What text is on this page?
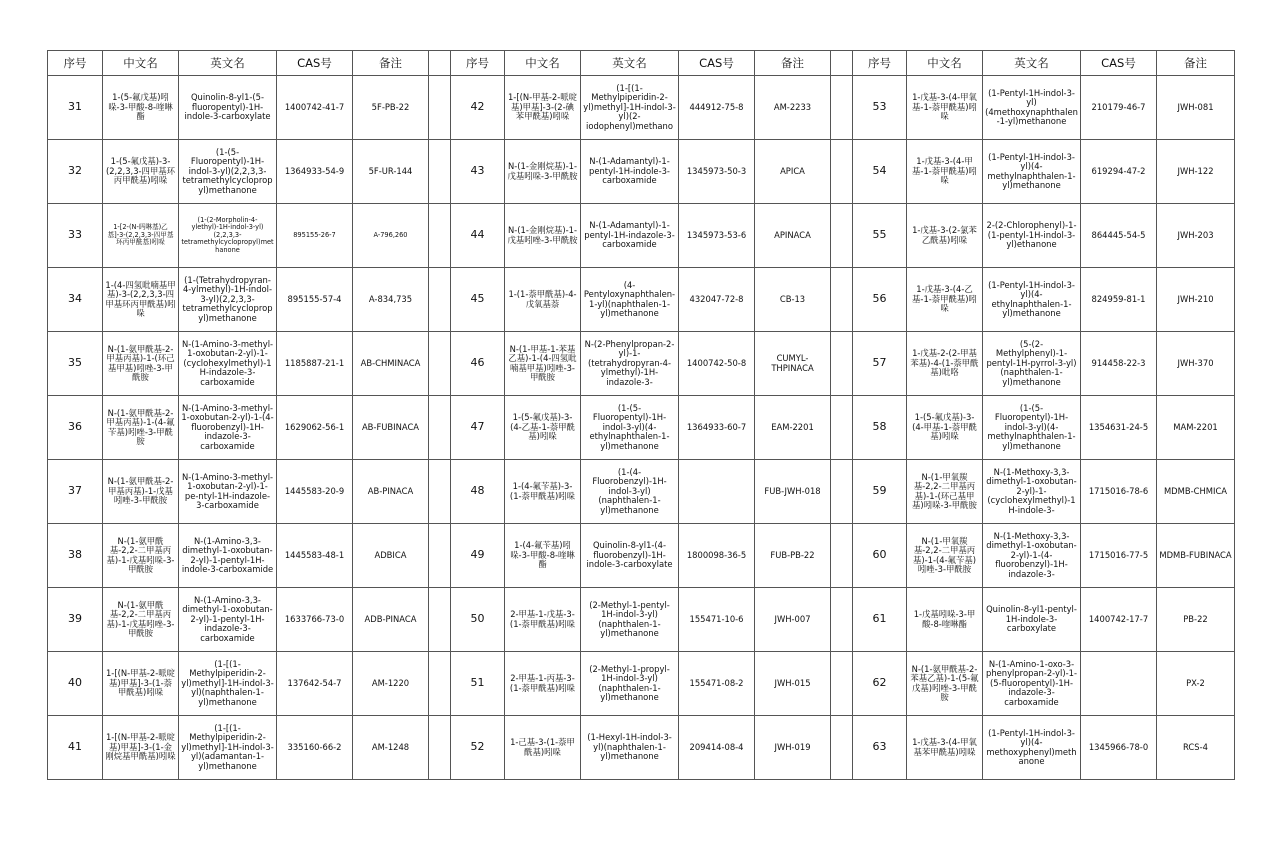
序号	中文名	英文名	CAS号	备注		序号	中文名	英文名	CAS号	备注		序号	中文名	英文名	CAS号	备注
31	1-(5-氟戊基)吲哚-3-甲酸-8-喹啉酯	Quinolin-8-yl1-(5-fluoropentyl)-1H-indole-3-carboxylate	1400742-41-7	5F-PB-22		42	1-[(N-甲基-2-哌啶基)甲基]-3-(2-碘苯甲酰基)吲哚	(1-[(1-Methylpiperidin-2-yl)methyl]-1H-indol-3-yl)(2-iodophenyl)methano	444912-75-8	AM-2233		53	1-戊基-3-(4-甲氧基-1-萘甲酰基)吲哚	(1-Pentyl-1H-indol-3-yl)(4methoxynaphthalen-1-yl)methanone	210179-46-7	JWH-081
32	1-(5-氟戊基)-3-(2,2,3,3-四甲基环丙甲酰基)吲哚	(1-(5-Fluoropentyl)-1H-indol-3-yl)(2,2,3,3-tetramethylcyclopropyl)methanone	1364933-54-9	5F-UR-144		43	N-(1-金刚烷基)-1-戊基吲哚-3-甲酰胺	N-(1-Adamantyl)-1-pentyl-1H-indole-3-carboxamide	1345973-50-3	APICA		54	1-戊基-3-(4-甲基-1-萘甲酰基)吲哚	(1-Pentyl-1H-indol-3-yl)(4-methylnaphthalen-1-yl)methanone	619294-47-2	JWH-122
33	1-[2-(N-吗啉基)乙基]-3-(2,2,3,3-四甲基环丙甲酰基)吲哚	(1-(2-Morpholin-4-ylethyl)-1H-indol-3-yl)(2,2,3,3-tetramethylcyclopropyl)methanone	895155-26-7	A-796,260		44	N-(1-金刚烷基)-1-戊基吲唑-3-甲酰胺	N-(1-Adamantyl)-1-pentyl-1H-indazole-3-carboxamide	1345973-53-6	APINACA		55	1-戊基-3-(2-氯苯乙酰基)吲哚	2-(2-Chlorophenyl)-1-(1-pentyl-1H-indol-3-yl)ethanone	864445-54-5	JWH-203
34	1-(4-四氢吡喃基甲基)-3-(2,2,3,3-四甲基环丙甲酰基)吲哚	(1-(Tetrahydropyran-4-ylmethyl)-1H-indol-3-yl)(2,2,3,3-tetramethylcyclopropyl)methanone	895155-57-4	A-834,735		45	1-(1-萘甲酰基)-4-戊氧基萘	(4-Pentyloxynaphthalen-1-yl)(naphthalen-1-yl)methanone	432047-72-8	CB-13		56	1-戊基-3-(4-乙基-1-萘甲酰基)吲哚	(1-Pentyl-1H-indol-3-yl)(4-ethylnaphthalen-1-yl)methanone	824959-81-1	JWH-210
35	N-(1-氨甲酰基-2-甲基丙基)-1-(环己基甲基)吲唑-3-甲酰胺	N-(1-Amino-3-methyl-1-oxobutan-2-yl)-1-(cyclohexylmethyl)-1H-indazole-3-carboxamide	1185887-21-1	AB-CHMINACA		46	N-(1-甲基-1-苯基乙基)-1-(4-四氢吡喃基甲基)吲唑-3-甲酰胺	N-(2-Phenylpropan-2-yl)-1-(tetrahydropyran-4-ylmethyl)-1H-indazole-3-	1400742-50-8	CUMYL-THPINACA		57	1-戊基-2-(2-甲基苯基)-4-(1-萘甲酰基)吡咯	(5-(2-Methylphenyl)-1-pentyl-1H-pyrrol-3-yl)(naphthalen-1-yl)methanone	914458-22-3	JWH-370
36	N-(1-氨甲酰基-2-甲基丙基)-1-(4-氟苄基)吲唑-3-甲酰胺	N-(1-Amino-3-methyl-1-oxobutan-2-yl)-1-(4-fluorobenzyl)-1H-indazole-3-carboxamide	1629062-56-1	AB-FUBINACA		47	1-(5-氟戊基)-3-(4-乙基-1-萘甲酰基)吲哚	(1-(5-Fluoropentyl)-1H-indol-3-yl)(4-ethylnaphthalen-1-yl)methanone	1364933-60-7	EAM-2201		58	1-(5-氟戊基)-3-(4-甲基-1-萘甲酰基)吲哚	(1-(5-Fluoropentyl)-1H-indol-3-yl)(4-methylnaphthalen-1-yl)methanone	1354631-24-5	MAM-2201
37	N-(1-氨甲酰基-2-甲基丙基)-1-戊基吲唑-3-甲酰胺	N-(1-Amino-3-methyl-1-oxobutan-2-yl)-1-pe-ntyl-1H-indazole-3-carboxamide	1445583-20-9	AB-PINACA		48	1-(4-氟苄基)-3-(1-萘甲酰基)吲哚	(1-(4-Fluorobenzyl)-1H-indol-3-yl)(naphthalen-1-yl)methanone		FUB-JWH-018		59	N-(1-甲氧羰基-2,2-二甲基丙基)-1-(环己基甲基)吲哚-3-甲酰胺	N-(1-Methoxy-3,3-dimethyl-1-oxobutan-2-yl)-1-(cyclohexylmethyl)-1H-indole-3-	1715016-78-6	MDMB-CHMICA
38	N-(1-氨甲酰基-2,2-二甲基丙基)-1-戊基吲哚-3-甲酰胺	N-(1-Amino-3,3-dimethyl-1-oxobutan-2-yl)-1-pentyl-1H-indole-3-carboxamide	1445583-48-1	ADBICA		49	1-(4-氟苄基)吲哚-3-甲酸-8-喹啉酯	Quinolin-8-yl1-(4-fluorobenzyl)-1H-indole-3-carboxylate	1800098-36-5	FUB-PB-22		60	N-(1-甲氧羰基-2,2-二甲基丙基)-1-(4-氟苄基)吲唑-3-甲酰胺	N-(1-Methoxy-3,3-dimethyl-1-oxobutan-2-yl)-1-(4-fluorobenzyl)-1H-indazole-3-	1715016-77-5	MDMB-FUBINACA
39	N-(1-氨甲酰基-2,2-二甲基丙基)-1-戊基吲唑-3-甲酰胺	N-(1-Amino-3,3-dimethyl-1-oxobutan-2-yl)-1-pentyl-1H-indazole-3-carboxamide	1633766-73-0	ADB-PINACA		50	2-甲基-1-戊基-3-(1-萘甲酰基)吲哚	(2-Methyl-1-pentyl-1H-indol-3-yl)(naphthalen-1-yl)methanone	155471-10-6	JWH-007		61	1-戊基吲哚-3-甲酸-8-喹啉酯	Quinolin-8-yl1-pentyl-1H-indole-3-carboxylate	1400742-17-7	PB-22
40	1-[(N-甲基-2-哌啶基)甲基]-3-(1-萘甲酰基)吲哚	(1-[(1-Methylpiperidin-2-yl)methyl]-1H-indol-3-yl)(naphthalen-1-yl)methanone	137642-54-7	AM-1220		51	2-甲基-1-丙基-3-(1-萘甲酰基)吲哚	(2-Methyl-1-propyl-1H-indol-3-yl)(naphthalen-1-yl)methanone	155471-08-2	JWH-015		62	N-(1-氨甲酰基-2-苯基乙基)-1-(5-氟戊基)吲唑-3-甲酰胺	N-(1-Amino-1-oxo-3-phenylpropan-2-yl)-1-(5-fluoropentyl)-1H-indazole-3-carboxamide		PX-2
41	1-[(N-甲基-2-哌啶基)甲基]-3-(1-金刚烷基甲酰基)吲哚	(1-[(1-Methylpiperidin-2-yl)methyl]-1H-indol-3-yl)(adamantan-1-yl)methanone	335160-66-2	AM-1248		52	1-己基-3-(1-萘甲酰基)吲哚	(1-Hexyl-1H-indol-3-yl)(naphthalen-1-yl)methanone	209414-08-4	JWH-019		63	1-戊基-3-(4-甲氧基苯甲酰基)吲哚	(1-Pentyl-1H-indol-3-yl)(4-methoxyphenyl)methanone	1345966-78-0	RCS-4
